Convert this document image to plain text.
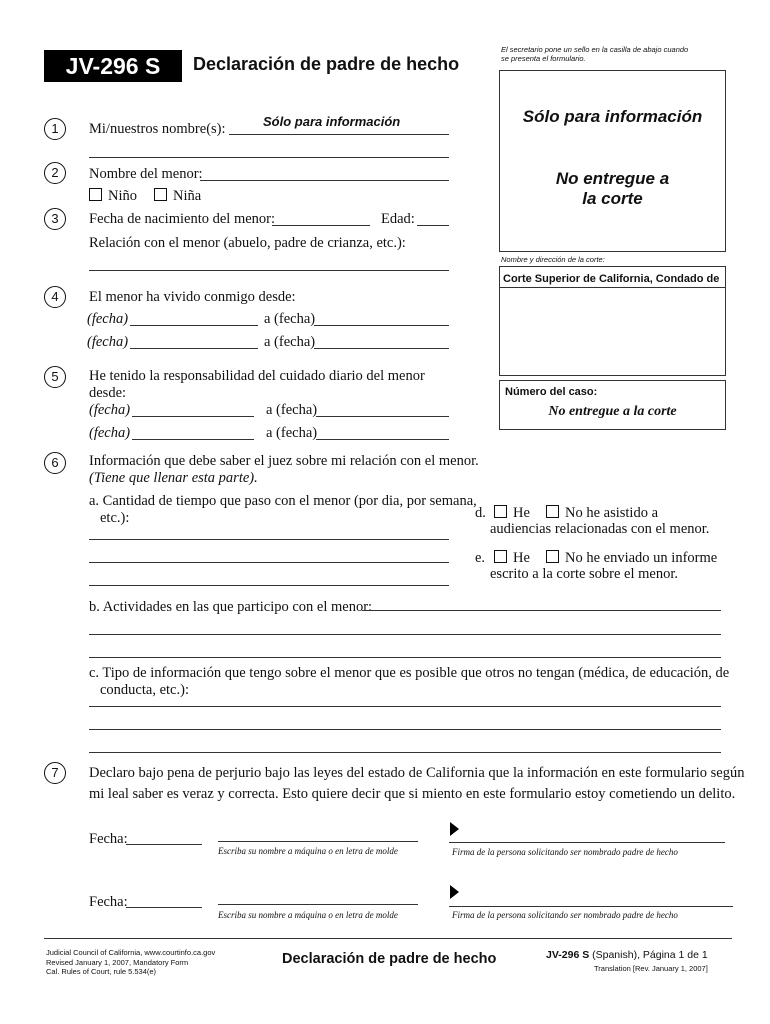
JV-296 S	Declaración de padre de hecho
El secretario pone un sello en la casilla de abajo cuando se presenta el formulario.
.
Sólo para información
No entregue a la corte
Nombre y dirección de la corte:
Corte Superior de California, Condado de
Número del caso:
No entregue a la corte
1	Mi/nuestros nombre(s):	Sólo para información
2	Nombre del menor:
Niño	Niña
3	Fecha de nacimiento del menor:	Edad:
Relación con el menor (abuelo, padre de crianza, etc.):
4	El menor ha vivido conmigo desde:
(fecha)	a (fecha)
(fecha)	a (fecha)
5	He tenido la responsabilidad del cuidado diario del menor
desde:
(fecha)	a (fecha)
(fecha)	a (fecha)
6	Información que debe saber el juez sobre mi relación con el menor.
(Tiene que llenar esta parte).
a. Cantidad de tiempo que paso con el menor (por dia, por semana,
etc.):	d.	He	No he asistido a
audiencias relacionadas con el menor.
e.	He	No he enviado un informe
escrito a la corte sobre el menor.
b. Actividades en las que participo con el menor:
c. Tipo de información que tengo sobre el menor que es posible que otros no tengan (médica, de educación, de
conducta, etc.):
7	Declaro bajo pena de perjurio bajo las leyes del estado de California que la información en este formulario según
mi leal saber es veraz y correcta. Esto quiere decir que si miento en este formulario estoy cometiendo un delito.
Fecha:
Escriba su nombre a máquina o en letra de molde	Firma de la persona solicitando ser nombrado padre de hecho
Fecha:
Escriba su nombre a máquina o en letra de molde	Firma de la persona solicitando ser nombrado padre de hecho
Judicial Council of California, www.courtinfo.ca.gov
Revised January 1, 2007, Mandatory Form
Cal. Rules of Court, rule 5.534(e)
Declaración de padre de hecho	JV-296 S (Spanish), Página 1 de 1
Translation [Rev. January 1, 2007]
